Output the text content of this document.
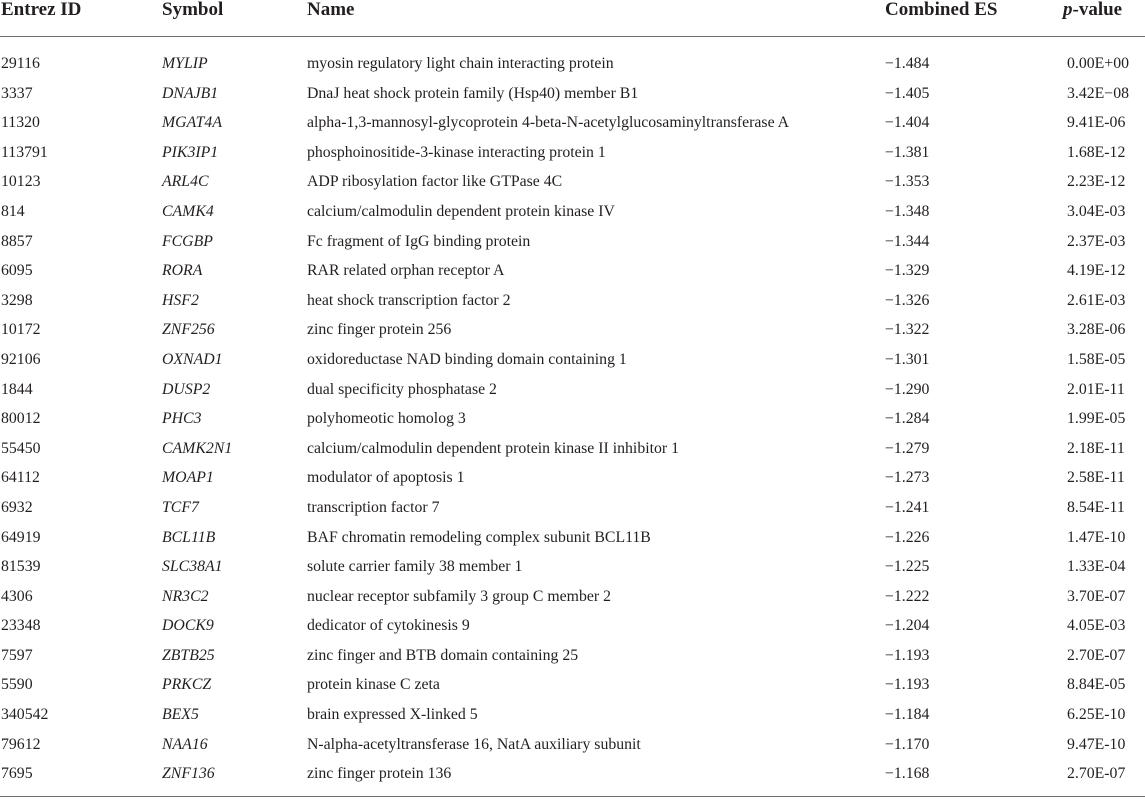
Entrez ID	Symbol	Name	Combined ES	p-value
29116	MYLIP	myosin regulatory light chain interacting protein	−1.484	0.00E+00
3337	DNAJB1	DnaJ heat shock protein family (Hsp40) member B1	−1.405	3.42E−08
11320	MGAT4A	alpha-1,3-mannosyl-glycoprotein 4-beta-N-acetylglucosaminyltransferase A	−1.404	9.41E-06
113791	PIK3IP1	phosphoinositide-3-kinase interacting protein 1	−1.381	1.68E-12
10123	ARL4C	ADP ribosylation factor like GTPase 4C	−1.353	2.23E-12
814	CAMK4	calcium/calmodulin dependent protein kinase IV	−1.348	3.04E-03
8857	FCGBP	Fc fragment of IgG binding protein	−1.344	2.37E-03
6095	RORA	RAR related orphan receptor A	−1.329	4.19E-12
3298	HSF2	heat shock transcription factor 2	−1.326	2.61E-03
10172	ZNF256	zinc finger protein 256	−1.322	3.28E-06
92106	OXNAD1	oxidoreductase NAD binding domain containing 1	−1.301	1.58E-05
1844	DUSP2	dual specificity phosphatase 2	−1.290	2.01E-11
80012	PHC3	polyhomeotic homolog 3	−1.284	1.99E-05
55450	CAMK2N1	calcium/calmodulin dependent protein kinase II inhibitor 1	−1.279	2.18E-11
64112	MOAP1	modulator of apoptosis 1	−1.273	2.58E-11
6932	TCF7	transcription factor 7	−1.241	8.54E-11
64919	BCL11B	BAF chromatin remodeling complex subunit BCL11B	−1.226	1.47E-10
81539	SLC38A1	solute carrier family 38 member 1	−1.225	1.33E-04
4306	NR3C2	nuclear receptor subfamily 3 group C member 2	−1.222	3.70E-07
23348	DOCK9	dedicator of cytokinesis 9	−1.204	4.05E-03
7597	ZBTB25	zinc finger and BTB domain containing 25	−1.193	2.70E-07
5590	PRKCZ	protein kinase C zeta	−1.193	8.84E-05
340542	BEX5	brain expressed X-linked 5	−1.184	6.25E-10
79612	NAA16	N-alpha-acetyltransferase 16, NatA auxiliary subunit	−1.170	9.47E-10
7695	ZNF136	zinc finger protein 136	−1.168	2.70E-07
